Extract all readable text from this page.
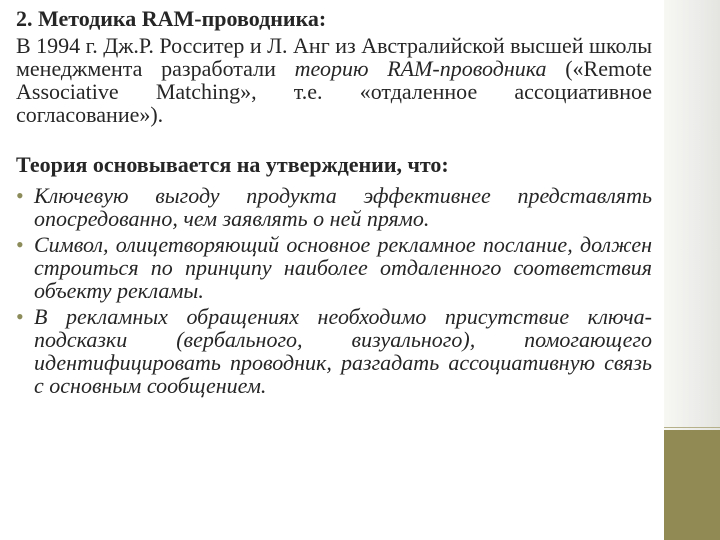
2. Методика RAM-проводника:

В 1994 г. Дж.Р. Росситер и Л. Анг из Австралийской высшей школы менеджмента разработали теорию RAM-проводника («Remote Associative Matching», т.е. «отдаленное ассоциативное согласование»).

Теория основывается на утверждении, что:

• Ключевую выгоду продукта эффективнее представлять опосредованно, чем заявлять о ней прямо.
• Символ, олицетворяющий основное рекламное послание, должен строиться по принципу наиболее отдаленного соответствия объекту рекламы.
• В рекламных обращениях необходимо присутствие ключа-подсказки (вербального, визуального), помогающего идентифицировать проводник, разгадать ассоциативную связь с основным сообщением.
